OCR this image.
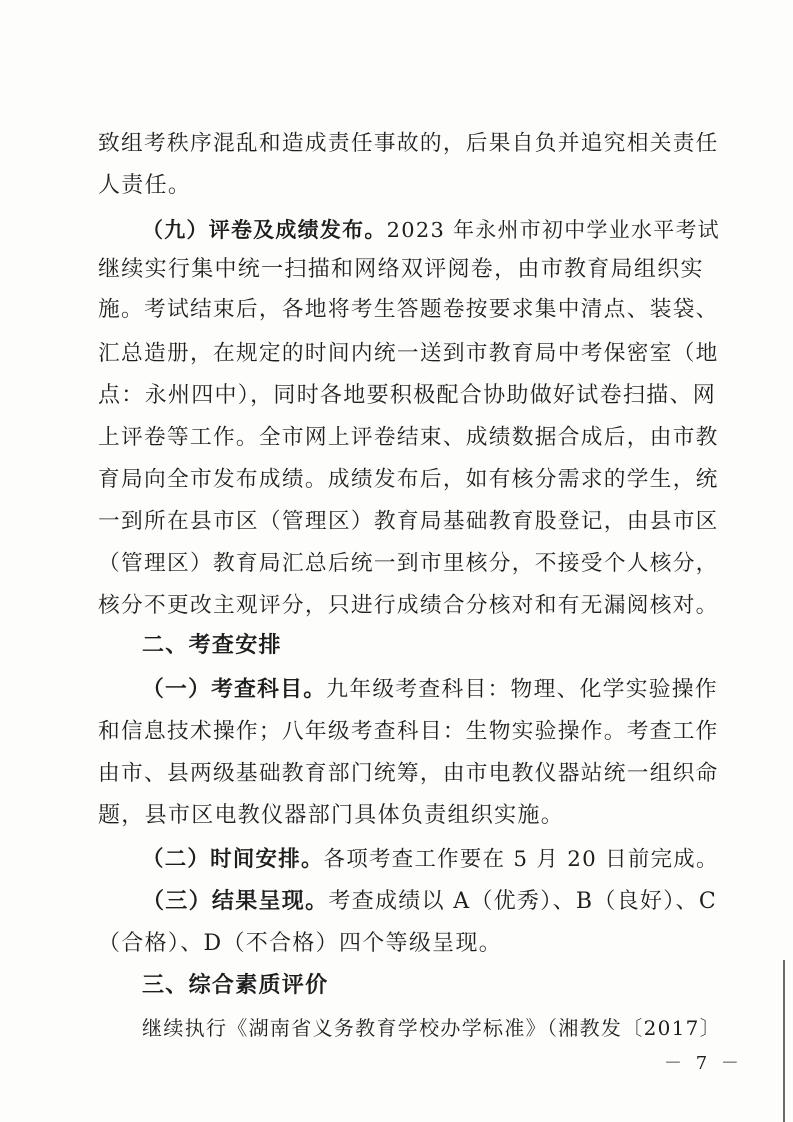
致组考秩序混乱和造成责任事故的，后果自负并追究相关责任
人责任。
（九）评卷及成绩发布。2023 年永州市初中学业水平考试
继续实行集中统一扫描和网络双评阅卷，由市教育局组织实
施。考试结束后，各地将考生答题卷按要求集中清点、装袋、
汇总造册，在规定的时间内统一送到市教育局中考保密室（地
点：永州四中），同时各地要积极配合协助做好试卷扫描、网
上评卷等工作。全市网上评卷结束、成绩数据合成后，由市教
育局向全市发布成绩。成绩发布后，如有核分需求的学生，统
一到所在县市区（管理区）教育局基础教育股登记，由县市区
（管理区）教育局汇总后统一到市里核分，不接受个人核分，
核分不更改主观评分，只进行成绩合分核对和有无漏阅核对。
二、考查安排
（一）考查科目。九年级考查科目：物理、化学实验操作
和信息技术操作；八年级考查科目：生物实验操作。考查工作
由市、县两级基础教育部门统筹，由市电教仪器站统一组织命
题，县市区电教仪器部门具体负责组织实施。
（二）时间安排。各项考查工作要在 5 月 20 日前完成。
（三）结果呈现。考查成绩以 A（优秀）、B（良好）、C
（合格）、D（不合格）四个等级呈现。
三、综合素质评价
继续执行《湖南省义务教育学校办学标准》（湘教发〔2017〕
－ 7 －
